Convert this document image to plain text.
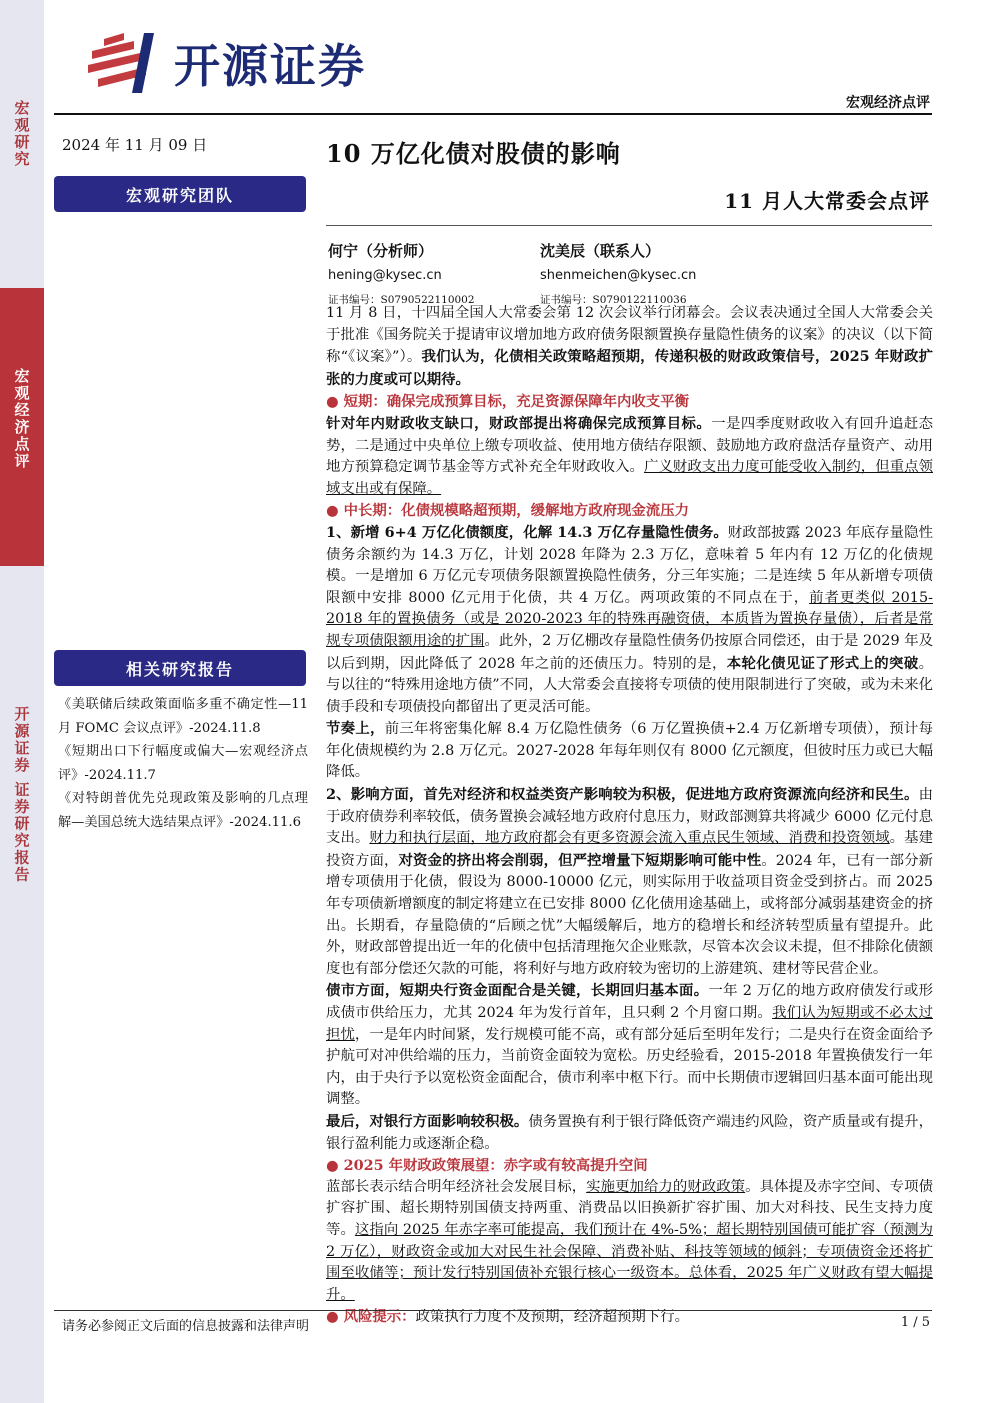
宏观研究
宏观经济点评
开源证券 证券研究报告
开源证券
宏观经济点评
2024 年 11 月 09 日
宏观研究团队
相关研究报告
《美联储后续政策面临多重不确定性—11 月 FOMC 会议点评》-2024.11.8
《短期出口下行幅度或偏大—宏观经济点评》-2024.11.7
《对特朗普优先兑现政策及影响的几点理解—美国总统大选结果点评》-2024.11.6
10 万亿化债对股债的影响
11 月人大常委会点评
何宁（分析师）
hening@kysec.cn
证书编号：S0790522110002
沈美辰（联系人）
shenmeichen@kysec.cn
证书编号：S0790122110036

11 月 8 日，十四届全国人大常委会第 12 次会议举行闭幕会。会议表决通过全国人大常委会关于批准《国务院关于提请审议增加地方政府债务限额置换存量隐性债务的议案》的决议（以下简称“《议案》”）。我们认为，化债相关政策略超预期，传递积极的财政政策信号，2025 年财政扩张的力度或可以期待。

● 短期：确保完成预算目标，充足资源保障年内收支平衡

针对年内财政收支缺口，财政部提出将确保完成预算目标。一是四季度财政收入有回升追赶态势，二是通过中央单位上缴专项收益、使用地方债结存限额、鼓励地方政府盘活存量资产、动用地方预算稳定调节基金等方式补充全年财政收入。广义财政支出力度可能受收入制约，但重点领域支出或有保障。

● 中长期：化债规模略超预期，缓解地方政府现金流压力

1、新增 6+4 万亿化债额度，化解 14.3 万亿存量隐性债务。财政部披露 2023 年底存量隐性债务余额约为 14.3 万亿，计划 2028 年降为 2.3 万亿，意味着 5 年内有 12 万亿的化债规模。一是增加 6 万亿元专项债务限额置换隐性债务，分三年实施；二是连续 5 年从新增专项债限额中安排 8000 亿元用于化债，共 4 万亿。两项政策的不同点在于，前者更类似 2015-2018 年的置换债务（或是 2020-2023 年的特殊再融资债，本质皆为置换存量债），后者是常规专项债限额用途的扩围。此外，2 万亿棚改存量隐性债务仍按原合同偿还，由于是 2029 年及以后到期，因此降低了 2028 年之前的还债压力。特别的是，本轮化债见证了形式上的突破。与以往的“特殊用途地方债”不同，人大常委会直接将专项债的使用限制进行了突破，或为未来化债手段和专项债投向都留出了更灵活可能。

节奏上，前三年将密集化解 8.4 万亿隐性债务（6 万亿置换债+2.4 万亿新增专项债），预计每年化债规模约为 2.8 万亿元。2027-2028 年每年则仅有 8000 亿元额度，但彼时压力或已大幅降低。

2、影响方面，首先对经济和权益类资产影响较为积极，促进地方政府资源流向经济和民生。由于政府债券利率较低，债务置换会减轻地方政府付息压力，财政部测算共将减少 6000 亿元付息支出。财力和执行层面，地方政府都会有更多资源会流入重点民生领域、消费和投资领域。基建投资方面，对资金的挤出将会削弱，但严控增量下短期影响可能中性。2024 年，已有一部分新增专项债用于化债，假设为 8000-10000 亿元，则实际用于收益项目资金受到挤占。而 2025 年专项债新增额度的制定将建立在已安排 8000 亿化债用途基础上，或将部分减弱基建资金的挤出。长期看，存量隐债的“后顾之忧”大幅缓解后，地方的稳增长和经济转型质量有望提升。此外，财政部曾提出近一年的化债中包括清理拖欠企业账款，尽管本次会议未提，但不排除化债额度也有部分偿还欠款的可能，将利好与地方政府较为密切的上游建筑、建材等民营企业。

债市方面，短期央行资金面配合是关键，长期回归基本面。一年 2 万亿的地方政府债发行或形成债市供给压力，尤其 2024 年为发行首年，且只剩 2 个月窗口期。我们认为短期或不必太过担忧，一是年内时间紧，发行规模可能不高，或有部分延后至明年发行；二是央行在资金面给予护航可对冲供给端的压力，当前资金面较为宽松。历史经验看，2015-2018 年置换债发行一年内，由于央行予以宽松资金面配合，债市利率中枢下行。而中长期债市逻辑回归基本面可能出现调整。

最后，对银行方面影响较积极。债务置换有利于银行降低资产端违约风险，资产质量或有提升，银行盈利能力或逐渐企稳。

● 2025 年财政政策展望：赤字或有较高提升空间

蓝部长表示结合明年经济社会发展目标，实施更加给力的财政政策。具体提及赤字空间、专项债扩容扩围、超长期特别国债支持两重、消费品以旧换新扩容扩围、加大对科技、民生支持力度等。这指向 2025 年赤字率可能提高，我们预计在 4%-5%；超长期特别国债可能扩容（预测为 2 万亿），财政资金或加大对民生社会保障、消费补贴、科技等领域的倾斜；专项债资金还将扩围至收储等；预计发行特别国债补充银行核心一级资本。总体看，2025 年广义财政有望大幅提升。

● 风险提示：政策执行力度不及预期，经济超预期下行。

请务必参阅正文后面的信息披露和法律声明	1 / 5
